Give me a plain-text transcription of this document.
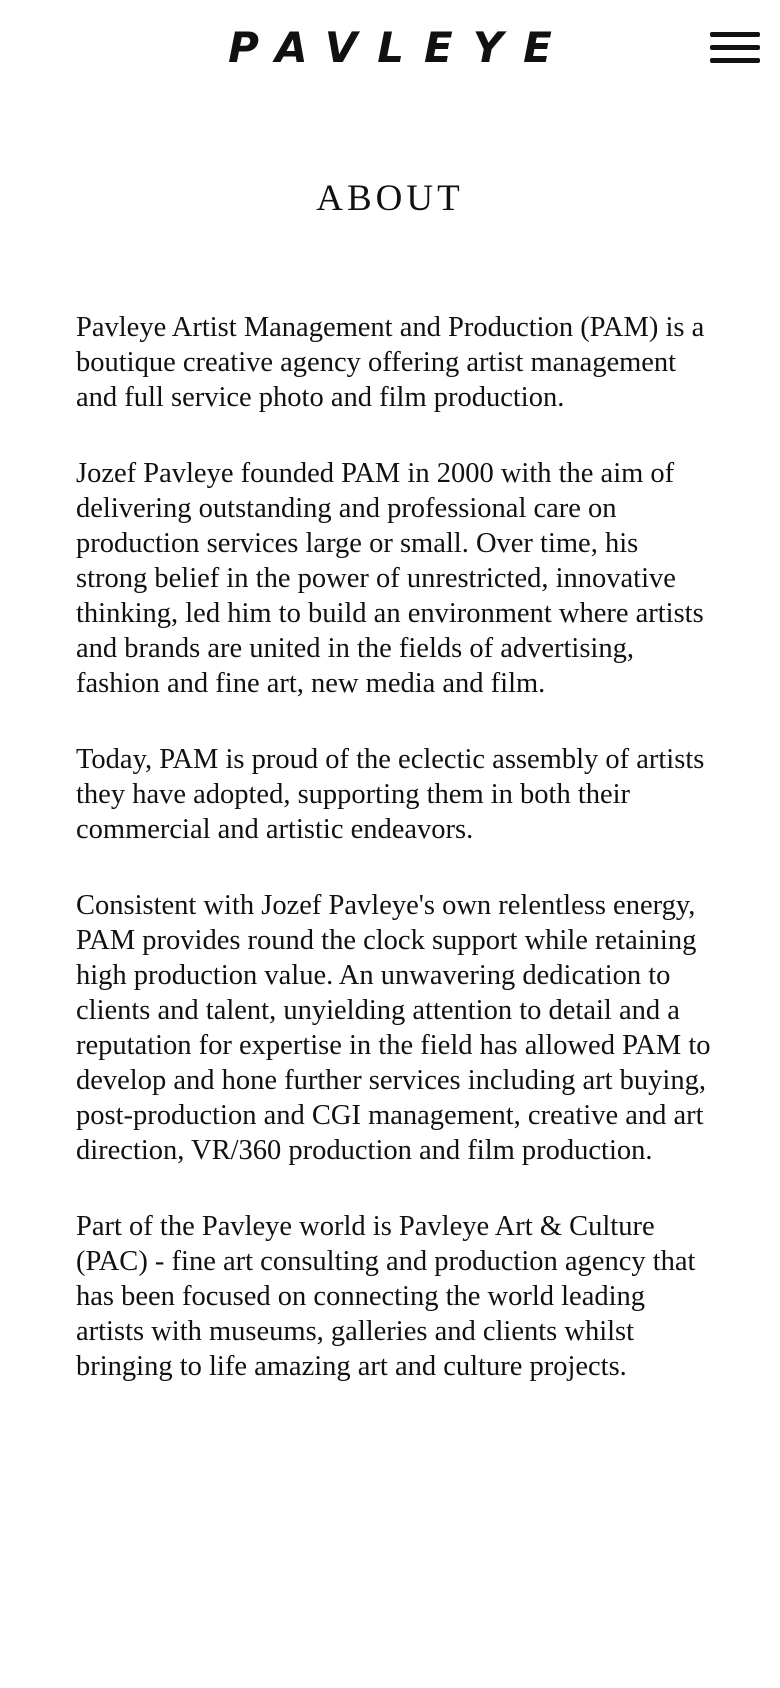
PAVLEYE
ABOUT

Pavleye Artist Management and Production (PAM) is a boutique creative agency offering artist management and full service photo and film production.

Jozef Pavleye founded PAM in 2000 with the aim of delivering outstanding and professional care on production services large or small. Over time, his strong belief in the power of unrestricted, innovative thinking, led him to build an environment where artists and brands are united in the fields of advertising, fashion and fine art, new media and film.

Today, PAM is proud of the eclectic assembly of artists they have adopted, supporting them in both their commercial and artistic endeavors.

Consistent with Jozef Pavleye's own relentless energy, PAM provides round the clock support while retaining high production value. An unwavering dedication to clients and talent, unyielding attention to detail and a reputation for expertise in the field has allowed PAM to develop and hone further services including art buying, post-production and CGI management, creative and art direction, VR/360 production and film production.

Part of the Pavleye world is Pavleye Art & Culture (PAC) - fine art consulting and production agency that has been focused on connecting the world leading artists with museums, galleries and clients whilst bringing to life amazing art and culture projects.
